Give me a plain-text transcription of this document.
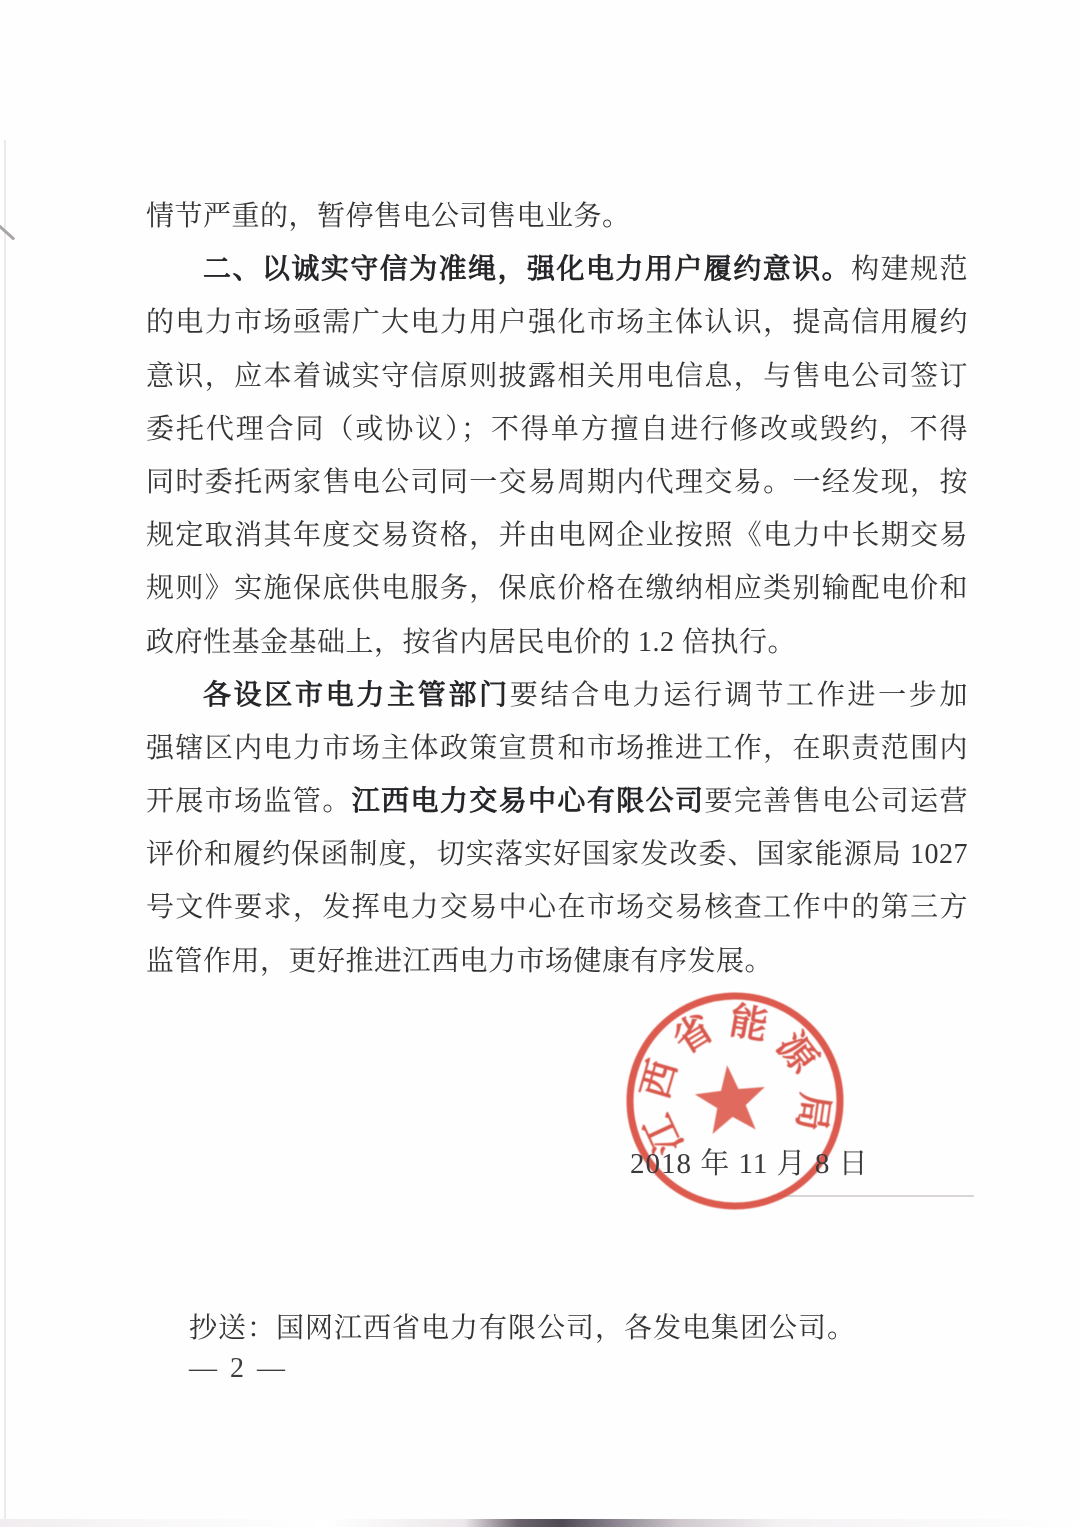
情节严重的，暂停售电公司售电业务。
二、以诚实守信为准绳，强化电力用户履约意识。构建规范
的电力市场亟需广大电力用户强化市场主体认识，提高信用履约
意识，应本着诚实守信原则披露相关用电信息，与售电公司签订
委托代理合同（或协议）；不得单方擅自进行修改或毁约，不得
同时委托两家售电公司同一交易周期内代理交易。一经发现，按
规定取消其年度交易资格，并由电网企业按照《电力中长期交易
规则》实施保底供电服务，保底价格在缴纳相应类别输配电价和
政府性基金基础上，按省内居民电价的 1.2 倍执行。
各设区市电力主管部门要结合电力运行调节工作进一步加
强辖区内电力市场主体政策宣贯和市场推进工作，在职责范围内
开展市场监管。江西电力交易中心有限公司要完善售电公司运营
评价和履约保函制度，切实落实好国家发改委、国家能源局 1027
号文件要求，发挥电力交易中心在市场交易核查工作中的第三方
监管作用，更好推进江西电力市场健康有序发展。
江
西
省 能
源
局
2018 年 11 月 8 日
抄送：国网江西省电力有限公司，各发电集团公司。
— 2 —
